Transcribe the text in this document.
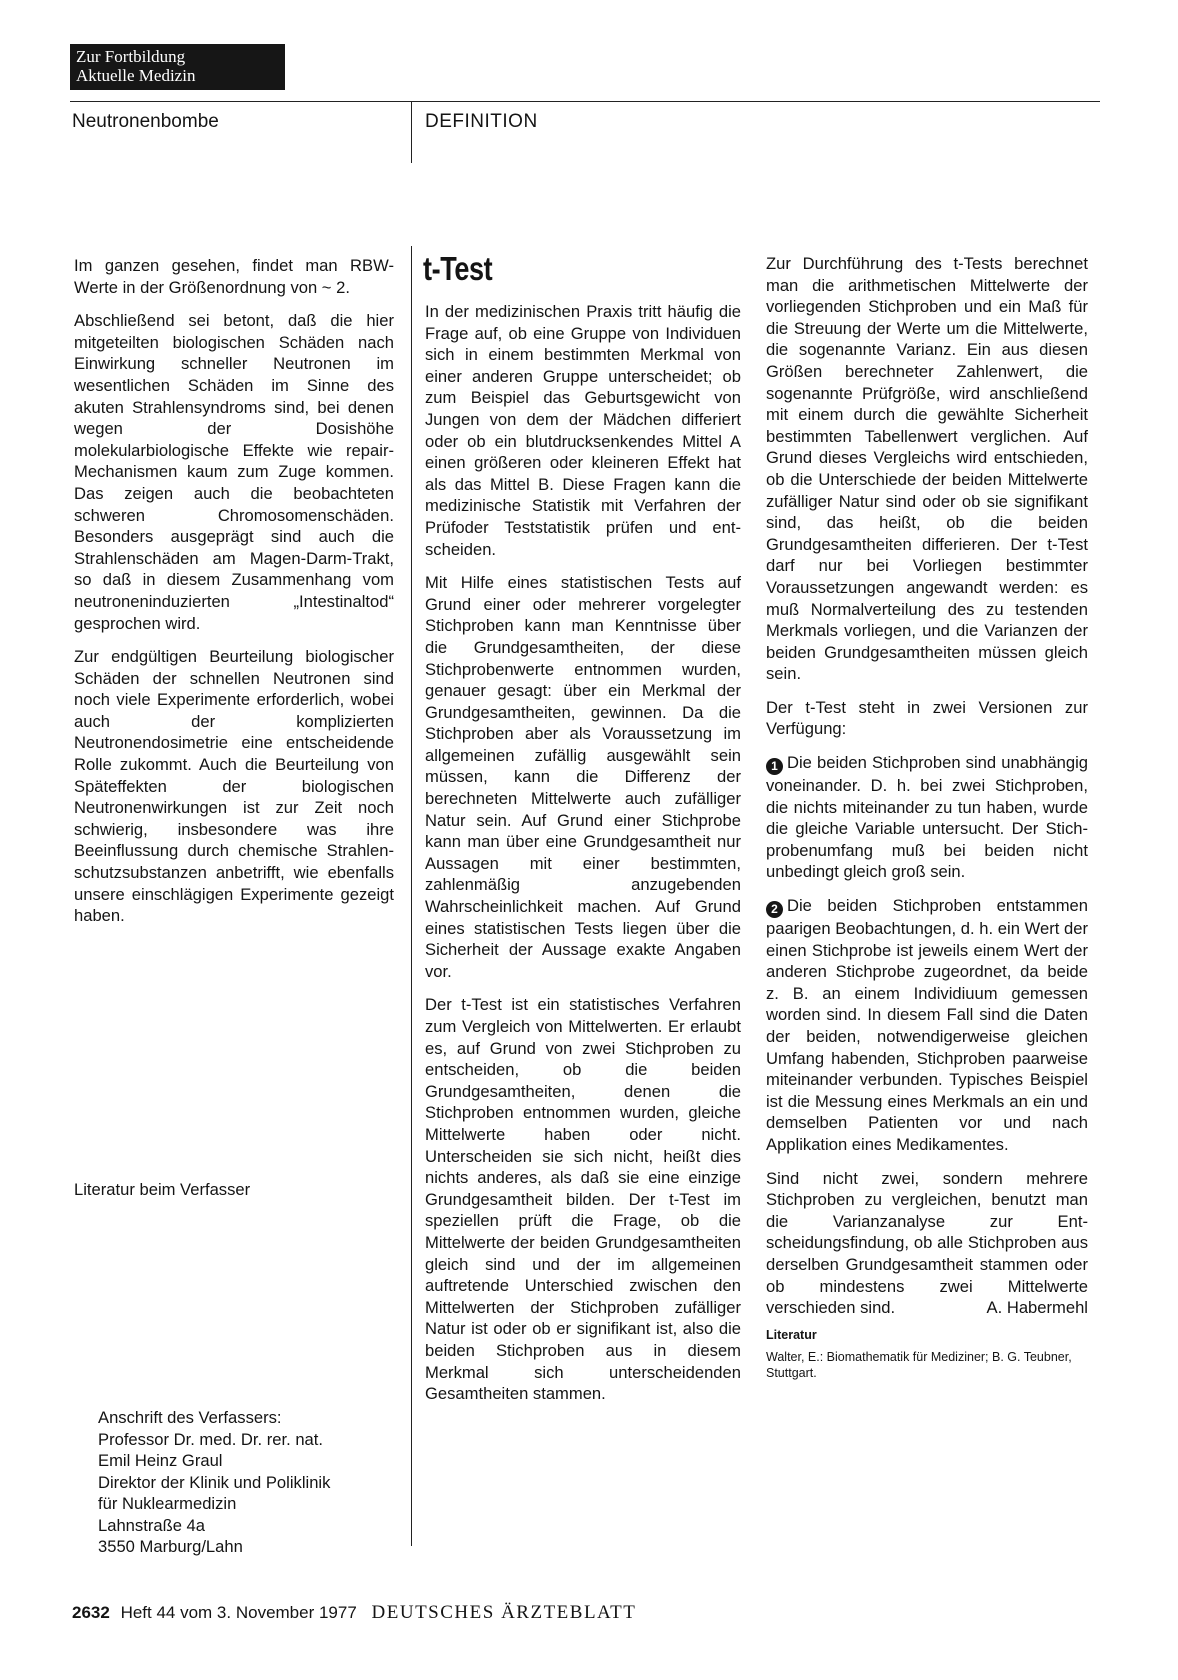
Zur Fortbildung
Aktuelle Medizin
Neutronenbombe	DEFINITION

Im ganzen gesehen, findet man RBW-Werte in der Größenordnung von ~ 2.

Abschließend sei betont, daß die hier mitgeteilten biologischen Schäden nach Einwirkung schneller Neutronen im wesentlichen Schäden im Sinne des akuten Strahlensyndroms sind, bei denen wegen der Dosishöhe molekularbiologische Effekte wie repair-Mechanismen kaum zum Zuge kommen. Das zeigen auch die beobachteten schweren Chromosomenschäden. Besonders ausgeprägt sind auch die Strahlenschäden am Magen-Darm-Trakt, so daß in diesem Zusammenhang vom neutroneninduzierten „Intestinaltod“ gesprochen wird.

Zur endgültigen Beurteilung biologischer Schäden der schnellen Neutronen sind noch viele Experimente erforderlich, wobei auch der komplizierten Neutronendosimetrie eine entscheidende Rolle zukommt. Auch die Beurteilung von Späteffekten der biologischen Neutronenwirkungen ist zur Zeit noch schwierig, insbesondere was ihre Beeinflussung durch chemische Strahlenschutzsubstanzen anbetrifft, wie ebenfalls unsere einschlägigen Experimente gezeigt haben.

Literatur beim Verfasser
Anschrift des Verfassers:
Professor Dr. med. Dr. rer. nat.
Emil Heinz Graul
Direktor der Klinik und Poliklinik
für Nuklearmedizin
Lahnstraße 4a
3550 Marburg/Lahn
t-Test

In der medizinischen Praxis tritt häufig die Frage auf, ob eine Gruppe von Individuen sich in einem bestimmten Merkmal von einer anderen Gruppe unterscheidet; ob zum Beispiel das Geburtsgewicht von Jungen von dem der Mädchen differiert oder ob ein blutdrucksenkendes Mittel A einen größeren oder kleineren Effekt hat als das Mittel B. Diese Fragen kann die medizinische Statistik mit Verfahren der Prüfoder Teststatistik prüfen und entscheiden.

Mit Hilfe eines statistischen Tests auf Grund einer oder mehrerer vorgelegter Stichproben kann man Kenntnisse über die Grundgesamtheiten, der diese Stichprobenwerte entnommen wurden, genauer gesagt: über ein Merkmal der Grundgesamtheiten, gewinnen. Da die Stichproben aber als Voraussetzung im allgemeinen zufällig ausgewählt sein müssen, kann die Differenz der berechneten Mittelwerte auch zufälliger Natur sein. Auf Grund einer Stichprobe kann man über eine Grundgesamtheit nur Aussagen mit einer bestimmten, zahlenmäßig anzugebenden Wahrscheinlichkeit machen. Auf Grund eines statistischen Tests liegen über die Sicherheit der Aussage exakte Angaben vor.

Der t-Test ist ein statistisches Verfahren zum Vergleich von Mittelwerten. Er erlaubt es, auf Grund von zwei Stichproben zu entscheiden, ob die beiden Grundgesamtheiten, denen die Stichproben entnommen wurden, gleiche Mittelwerte haben oder nicht. Unterscheiden sie sich nicht, heißt dies nichts anderes, als daß sie eine einzige Grundgesamtheit bilden. Der t-Test im speziellen prüft die Frage, ob die Mittelwerte der beiden Grundgesamtheiten gleich sind und der im allgemeinen auftretende Unterschied zwischen den Mittelwerten der Stichproben zufälliger Natur ist oder ob er signifikant ist, also die beiden Stichproben aus in diesem Merkmal sich unterscheidenden Gesamtheiten stammen.

Zur Durchführung des t-Tests berechnet man die arithmetischen Mittelwerte der vorliegenden Stichproben und ein Maß für die Streuung der Werte um die Mittelwerte, die sogenannte Varianz. Ein aus diesen Größen berechneter Zahlenwert, die sogenannte Prüfgröße, wird anschließend mit einem durch die gewählte Sicherheit bestimmten Tabellenwert verglichen. Auf Grund dieses Vergleichs wird entschieden, ob die Unterschiede der beiden Mittelwerte zufälliger Natur sind oder ob sie signifikant sind, das heißt, ob die beiden Grundgesamtheiten differieren. Der t-Test darf nur bei Vorliegen bestimmter Voraussetzungen angewandt werden: es muß Normalverteilung des zu testenden Merkmals vorliegen, und die Varianzen der beiden Grundgesamtheiten müssen gleich sein.

Der t-Test steht in zwei Versionen zur Verfügung:

1 Die beiden Stichproben sind unabhängig voneinander. D. h. bei zwei Stichproben, die nichts miteinander zu tun haben, wurde die gleiche Variable untersucht. Der Stichprobenumfang muß bei beiden nicht unbedingt gleich groß sein.

2 Die beiden Stichproben entstammen paarigen Beobachtungen, d. h. ein Wert der einen Stichprobe ist jeweils einem Wert der anderen Stichprobe zugeordnet, da beide z. B. an einem Individiuum gemessen worden sind. In diesem Fall sind die Daten der beiden, notwendigerweise gleichen Umfang habenden, Stichproben paarweise miteinander verbunden. Typisches Beispiel ist die Messung eines Merkmals an ein und demselben Patienten vor und nach Applikation eines Medikamentes.

Sind nicht zwei, sondern mehrere Stichproben zu vergleichen, benutzt man die Varianzanalyse zur Entscheidungsfindung, ob alle Stichproben aus derselben Grundgesamtheit stammen oder ob mindestens zwei Mittelwerte verschieden sind.	A. Habermehl

Literatur
Walter, E.: Biomathematik für Mediziner; B. G. Teubner, Stuttgart.
2632 Heft 44 vom 3. November 1977 DEUTSCHES ÄRZTEBLATT
